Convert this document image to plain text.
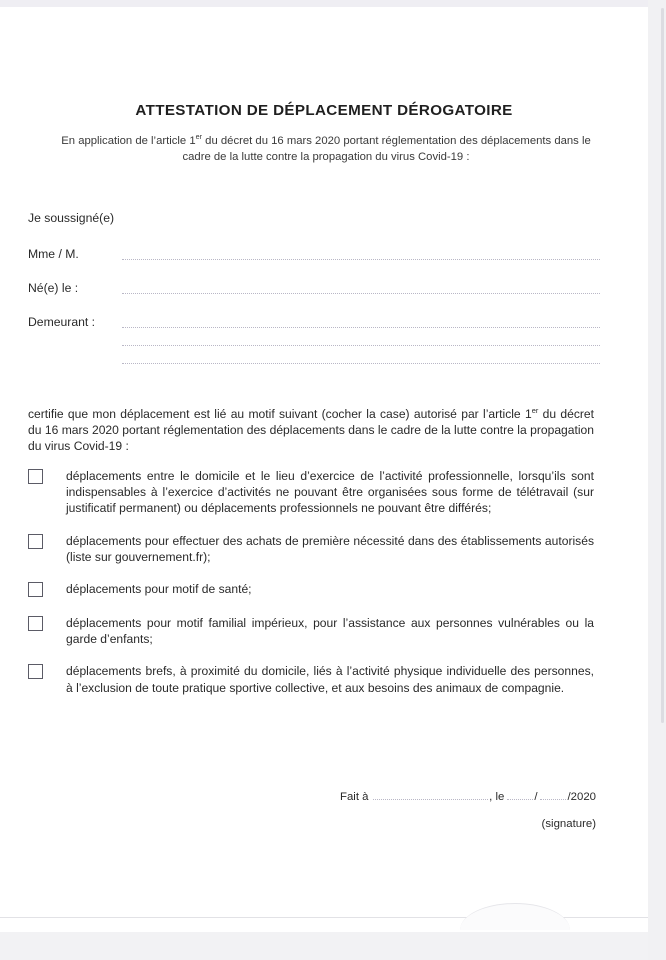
ATTESTATION DE DÉPLACEMENT DÉROGATOIRE
En application de l’article 1er du décret du 16 mars 2020 portant réglementation des déplacements dans le cadre de la lutte contre la propagation du virus Covid-19 :
Je soussigné(e)
Mme / M.
Né(e) le :
Demeurant :
certifie que mon déplacement est lié au motif suivant (cocher la case) autorisé par l’article 1er du décret du 16 mars 2020 portant réglementation des déplacements dans le cadre de la lutte contre la propagation du virus Covid-19 :
déplacements entre le domicile et le lieu d’exercice de l’activité professionnelle, lorsqu’ils sont indispensables à l’exercice d’activités ne pouvant être organisées sous forme de télétravail (sur justificatif permanent) ou déplacements professionnels ne pouvant être différés;
déplacements pour effectuer des achats de première nécessité dans des établissements autorisés (liste sur gouvernement.fr);
déplacements pour motif de santé;
déplacements pour motif familial impérieux, pour l’assistance aux personnes vulnérables ou la garde d’enfants;
déplacements brefs, à proximité du domicile, liés à l’activité physique individuelle des personnes, à l’exclusion de toute pratique sportive collective, et aux besoins des animaux de compagnie.
Fait à	, le	/	/2020
(signature)
